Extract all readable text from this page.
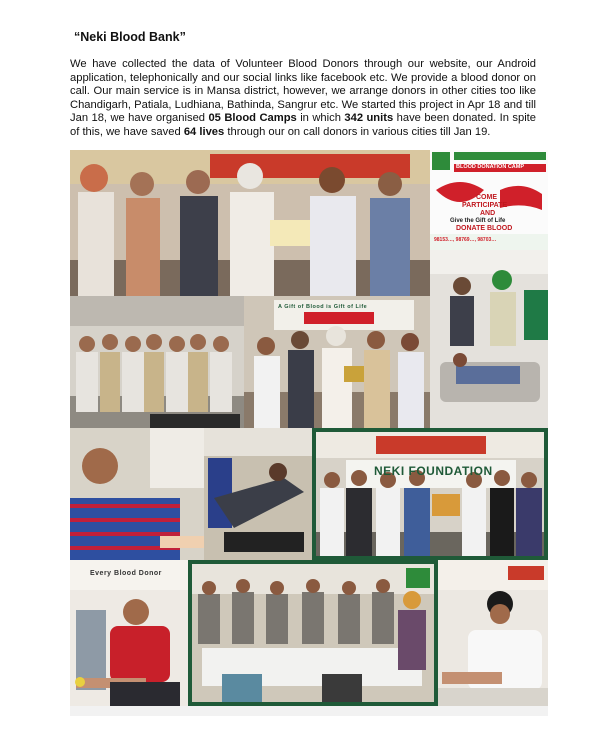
“Neki Blood Bank”

We have collected the data of Volunteer Blood Donors through our website, our Android application, telephonically and our social links like facebook etc. We provide a blood donor on call. Our main service is in Mansa district, however, we arrange donors in other cities too like Chandigarh, Patiala, Ludhiana, Bathinda, Sangrur etc. We started this project in Apr 18 and till Jan 18, we have organised 05 Blood Camps in which 342 units have been donated. In spite of this, we have saved 64 lives through our on call donors in various cities till Jan 19.

BLOOD DONATION CAMP
COME
PARTICIPATE
AND
Give the Gift of Life
DONATE BLOOD
98153…, 98769…, 98703…
A Gift of Blood is Gift of Life
NEKI FOUNDATION
Every Blood Donor
